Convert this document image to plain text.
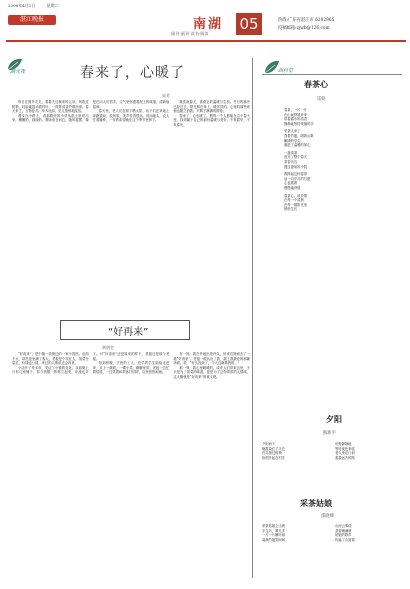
2008年4月1日	星期二
湛江晚报	南湖
副刊·副刊·读书·阅读
05	热线:广东省湛江市 6202965
投稿邮箱:zjwb@126.com
湖光夜	春来了，心暖了
宋芳

每日在窗外走走，看看天边飘来的云朵。风吹过树梢，轻轻地摇动着枝叶，一阵阵清香扑鼻而来。春天来了，万物复苏，草木吐绿，花儿悄悄地绽放。

漫步在小路上，看那路旁的小草从泥土里钻出来，嫩嫩的，绿绿的。柳条垂在河边，随风摇摆，像是在向人们招手。空气里弥漫着泥土的味道，清新而湿润。

春天里，老人们在树下晒太阳，孩子们在草地上奔跑嬉戏，放风筝，笑声传得很远。田间地头，农人忙着播种，一年的希望就在这个季节里种下。

我喜欢春天，喜欢它的温暖与生机。冬日的寒冷已经过去，阳光照在身上，暖洋洋的。心里的那些烦恼也随之消散，只剩下满满的期待。

春来了，心也暖了。愿每一个人都能在这个春天里，找到属于自己的那份温暖与美好，不负韶华，不负春光。

“好再来”
黄明会

“好再来”，是小镇一条街边的一家小饭馆。店面不大，却总是坐满了客人。老板是个实在人，饭菜分量足，价钱也公道，来过的人都说还会再来。

小店开了许多年，见证了小镇的变化。从前街上只有几家铺子，如今高楼一栋栋立起来，车流也多了。可“好再来”还是原来的样子，老板还是那个老板。

每到傍晚，下班的工人、放学的学生陆续走进来，点上一碗面，一碟小菜，聊聊家常。老板一边忙着招呼，一边笑着和熟客打招呼，店里热热闹闹。

有一回，我在外地出差许久，回来后特意去了一趟“好再来”。老板一眼认出了我，端上我最爱的那碗汤面，说：“好久没来了，今天这碗算我的。”

那一刻，我心里暖暖的。或许人们常来这里，不只是为了饭菜的味道，更是为了这份浓浓的人情味。这大概就是“好再来”的意义吧。

西村堂
春茶心
雷娟
春茶，一片一片
在山间舒展开来
带着露水的清香
静静地等待采摘的手
采茶人来了
背着竹篓，唱着山歌
嫩绿的芽尖
落进了温暖的掌心
一盏清茶
泡开了整个春天
茶香袅袅
漫过窗前的小院
我捧起这杯春茶
品一口岁月的甘甜
心也跟着
慢慢地舒展
春茶心，故乡情
在每一个清晨
在每一缕阳光里
悄悄生长
夕阳
熊新平
夕阳西下
晚霞染红了天边
归鸟掠过树梢
炊烟升起在村庄
田野静静地
等待夜色来临
老人坐在门前
看着远方的路
采茶姑娘
邵晓峰
采茶姑娘上山坡
手儿巧，歌儿多
一片一片嫩叶绿
装满竹篓笑呵呵
山间云雾绕
茶香飘满坡
姑娘的歌声
传遍了山窝窝
